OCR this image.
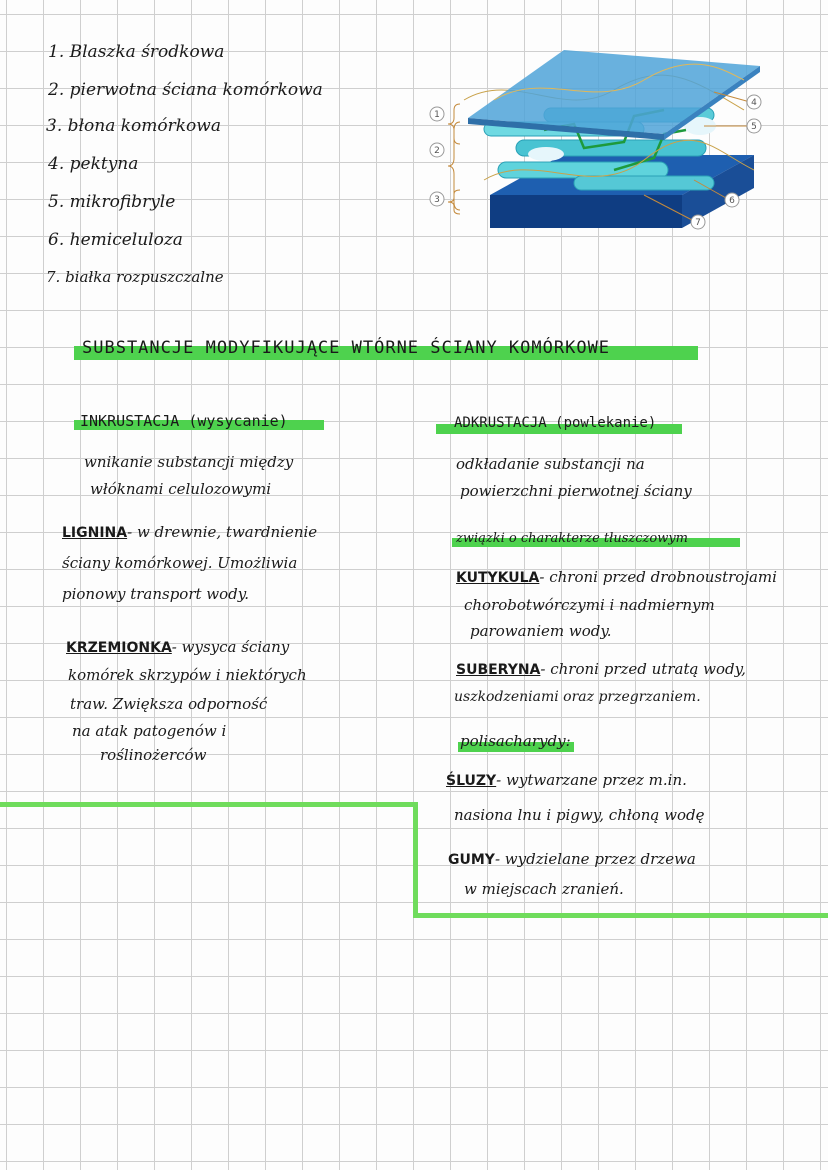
1. Blaszka środkowa
2. pierwotna ściana komórkowa
3. błona komórkowa
4. pektyna
5. mikrofibryle
6. hemiceluloza
7. białka rozpuszczalne
1
2
3
4
5
6
7
SUBSTANCJE MODYFIKUJĄCE WTÓRNE ŚCIANY KOMÓRKOWE
INKRUSTACJA (wysycanie)
wnikanie substancji między
włóknami celulozowymi
LIGNINA- w drewnie, twardnienie
ściany komórkowej. Umożliwia
pionowy transport wody.
KRZEMIONKA- wysyca ściany
komórek skrzypów i niektórych
traw. Zwiększa odporność
na atak patogenów i
roślinożerców
ADKRUSTACJA (powlekanie)
odkładanie substancji na
powierzchni pierwotnej ściany
związki o charakterze tłuszczowym
KUTYKULA- chroni przed drobnoustrojami
chorobotwórczymi i nadmiernym
parowaniem wody.
SUBERYNA- chroni przed utratą wody,
uszkodzeniami oraz przegrzaniem.
polisacharydy:
ŚLUZY- wytwarzane przez m.in.
nasiona lnu i pigwy, chłoną wodę
GUMY- wydzielane przez drzewa
w miejscach zranień.
